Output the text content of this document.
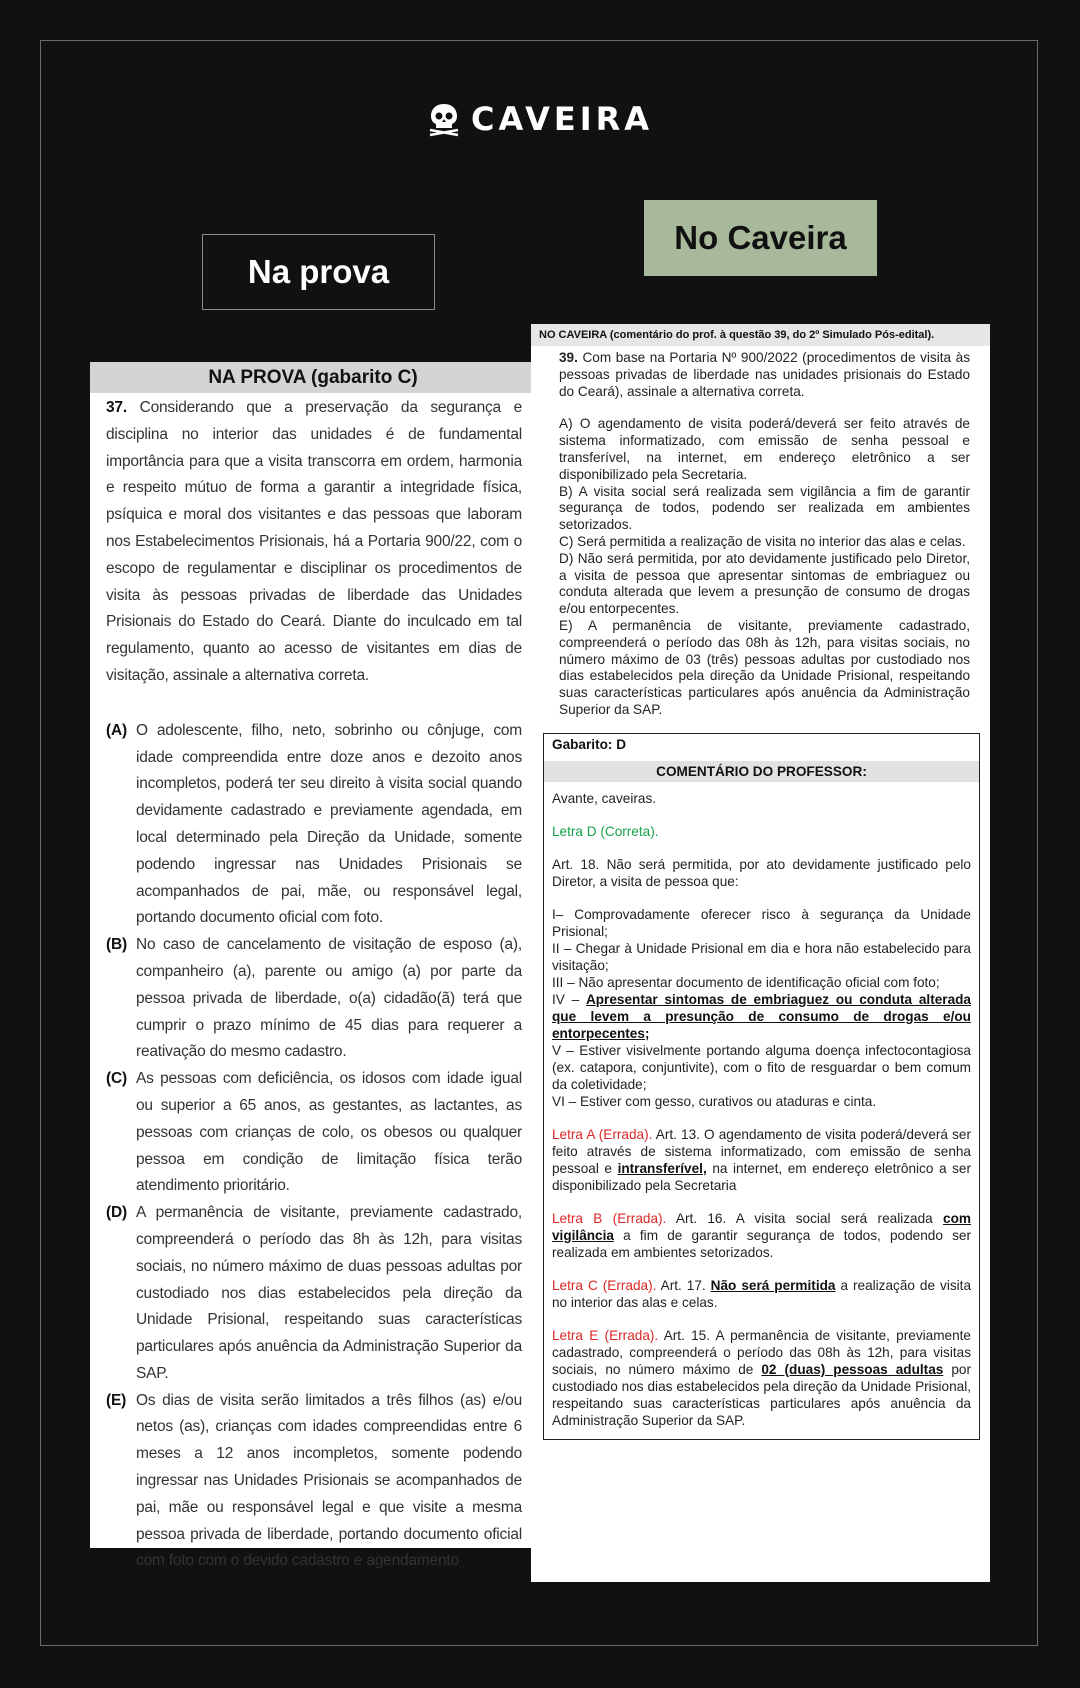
CAVEIRA
Na prova
No Caveira
NA PROVA (gabarito C)
37. Considerando que a preservação da segurança e disciplina no interior das unidades é de fundamental importância para que a visita transcorra em ordem, harmonia e respeito mútuo de forma a garantir a integridade física, psíquica e moral dos visitantes e das pessoas que laboram nos Estabelecimentos Prisionais, há a Portaria 900/22, com o escopo de regulamentar e disciplinar os procedimentos de visita às pessoas privadas de liberdade das Unidades Prisionais do Estado do Ceará. Diante do inculcado em tal regulamento, quanto ao acesso de visitantes em dias de visitação, assinale a alternativa correta.
(A) O adolescente, filho, neto, sobrinho ou cônjuge, com idade compreendida entre doze anos e dezoito anos incompletos, poderá ter seu direito à visita social quando devidamente cadastrado e previamente agendada, em local determinado pela Direção da Unidade, somente podendo ingressar nas Unidades Prisionais se acompanhados de pai, mãe, ou responsável legal, portando documento oficial com foto.
(B) No caso de cancelamento de visitação de esposo (a), companheiro (a), parente ou amigo (a) por parte da pessoa privada de liberdade, o(a) cidadão(ã) terá que cumprir o prazo mínimo de 45 dias para requerer a reativação do mesmo cadastro.
(C) As pessoas com deficiência, os idosos com idade igual ou superior a 65 anos, as gestantes, as lactantes, as pessoas com crianças de colo, os obesos ou qualquer pessoa em condição de limitação física terão atendimento prioritário.
(D) A permanência de visitante, previamente cadastrado, compreenderá o período das 8h às 12h, para visitas sociais, no número máximo de duas pessoas adultas por custodiado nos dias estabelecidos pela direção da Unidade Prisional, respeitando suas características particulares após anuência da Administração Superior da SAP.
(E) Os dias de visita serão limitados a três filhos (as) e/ou netos (as), crianças com idades compreendidas entre 6 meses a 12 anos incompletos, somente podendo ingressar nas Unidades Prisionais se acompanhados de pai, mãe ou responsável legal e que visite a mesma pessoa privada de liberdade, portando documento oficial com foto com o devido cadastro e agendamento
NO CAVEIRA (comentário do prof. à questão 39, do 2º Simulado Pós-edital).

39. Com base na Portaria Nº 900/2022 (procedimentos de visita às pessoas privadas de liberdade nas unidades prisionais do Estado do Ceará), assinale a alternativa correta.

A) O agendamento de visita poderá/deverá ser feito através de sistema informatizado, com emissão de senha pessoal e transferível, na internet, em endereço eletrônico a ser disponibilizado pela Secretaria.

B) A visita social será realizada sem vigilância a fim de garantir segurança de todos, podendo ser realizada em ambientes setorizados.

C) Será permitida a realização de visita no interior das alas e celas.

D) Não será permitida, por ato devidamente justificado pelo Diretor, a visita de pessoa que apresentar sintomas de embriaguez ou conduta alterada que levem a presunção de consumo de drogas e/ou entorpecentes.

E) A permanência de visitante, previamente cadastrado, compreenderá o período das 08h às 12h, para visitas sociais, no número máximo de 03 (três) pessoas adultas por custodiado nos dias estabelecidos pela direção da Unidade Prisional, respeitando suas características particulares após anuência da Administração Superior da SAP.

Gabarito: D
COMENTÁRIO DO PROFESSOR:

Avante, caveiras.

Letra D (Correta).

Art. 18. Não será permitida, por ato devidamente justificado pelo Diretor, a visita de pessoa que:

I– Comprovadamente oferecer risco à segurança da Unidade Prisional;

II – Chegar à Unidade Prisional em dia e hora não estabelecido para visitação;

III – Não apresentar documento de identificação oficial com foto;

IV – Apresentar sintomas de embriaguez ou conduta alterada que levem a presunção de consumo de drogas e/ou entorpecentes;

V – Estiver visivelmente portando alguma doença infectocontagiosa (ex. catapora, conjuntivite), com o fito de resguardar o bem comum da coletividade;

VI – Estiver com gesso, curativos ou ataduras e cinta.

Letra A (Errada). Art. 13. O agendamento de visita poderá/deverá ser feito através de sistema informatizado, com emissão de senha pessoal e intransferível, na internet, em endereço eletrônico a ser disponibilizado pela Secretaria

Letra B (Errada). Art. 16. A visita social será realizada com vigilância a fim de garantir segurança de todos, podendo ser realizada em ambientes setorizados.

Letra C (Errada). Art. 17. Não será permitida a realização de visita no interior das alas e celas.

Letra E (Errada). Art. 15. A permanência de visitante, previamente cadastrado, compreenderá o período das 08h às 12h, para visitas sociais, no número máximo de 02 (duas) pessoas adultas por custodiado nos dias estabelecidos pela direção da Unidade Prisional, respeitando suas características particulares após anuência da Administração Superior da SAP.
